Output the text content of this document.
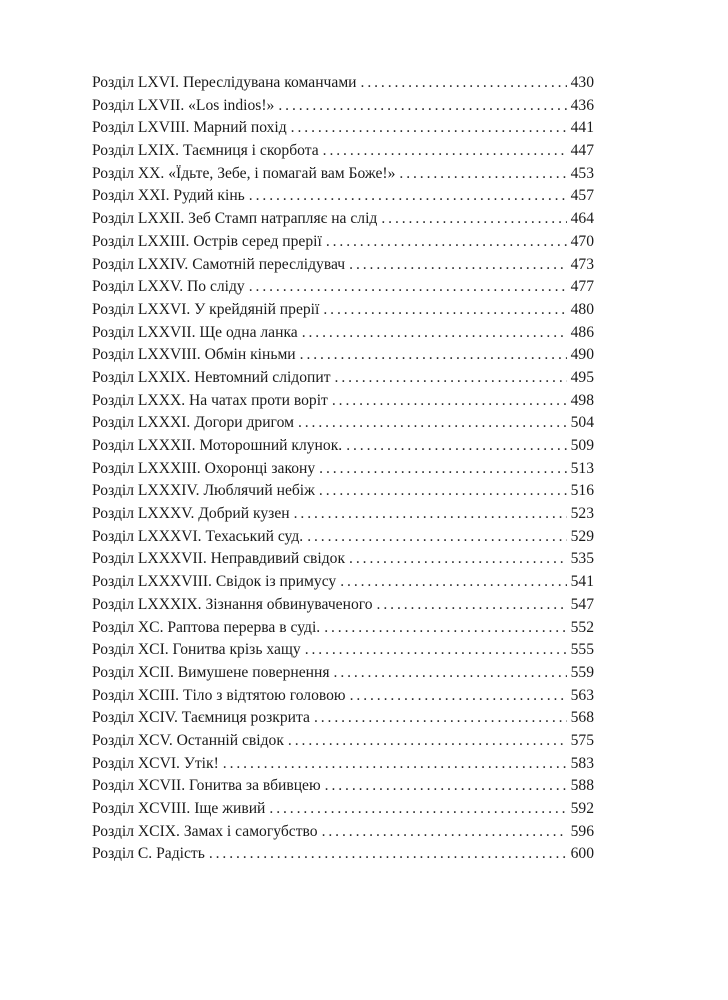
Розділ LXVI. Переслідувана команчами . . .	430
Розділ LXVII. «Los indios!» . . .	436
Розділ LXVIII. Марний похід . . .	441
Розділ LXIX. Таємниця і скорбота . . .	447
Розділ XX. «Їдьте, Зебе, і помагай вам Боже!» . . .	453
Розділ XXI. Рудий кінь . . .	457
Розділ LXXII. Зеб Стамп натрапляє на слід . . .	464
Розділ LXXIII. Острів серед прерії . . .	470
Розділ LXXIV. Самотній переслідувач . . .	473
Розділ LXXV. По сліду . . .	477
Розділ LXXVI. У крейдяній прерії . . .	480
Розділ LXXVII. Ще одна ланка . . .	486
Розділ LXXVIII. Обмін кіньми . . .	490
Розділ LXXIX. Невтомний слідопит . . .	495
Розділ LXXX. На чатах проти воріт . . .	498
Розділ LXXXI. Догори дригом . . .	504
Розділ LXXXII. Моторошний клунок. . . .	509
Розділ LXXXIII. Охоронці закону . . .	513
Розділ LXXXIV. Люблячий небіж . . .	516
Розділ LXXXV. Добрий кузен . . .	523
Розділ LXXXVI. Техаський суд. . . .	529
Розділ LXXXVII. Неправдивий свідок . . .	535
Розділ LXXXVIII. Свідок із примусу . . .	541
Розділ LXXXIX. Зізнання обвинуваченого . . .	547
Розділ XC. Раптова перерва в суді. . . .	552
Розділ XCI. Гонитва крізь хащу . . .	555
Розділ XCII. Вимушене повернення . . .	559
Розділ XCIII. Тіло з відтятою головою . . .	563
Розділ XCIV. Таємниця розкрита . . .	568
Розділ XCV. Останній свідок . . .	575
Розділ XCVI. Утік! . . .	583
Розділ XCVII. Гонитва за вбивцею . . .	588
Розділ XCVIII. Іще живий . . .	592
Розділ XCIX. Замах і самогубство . . .	596
Розділ C. Радість . . .	600
